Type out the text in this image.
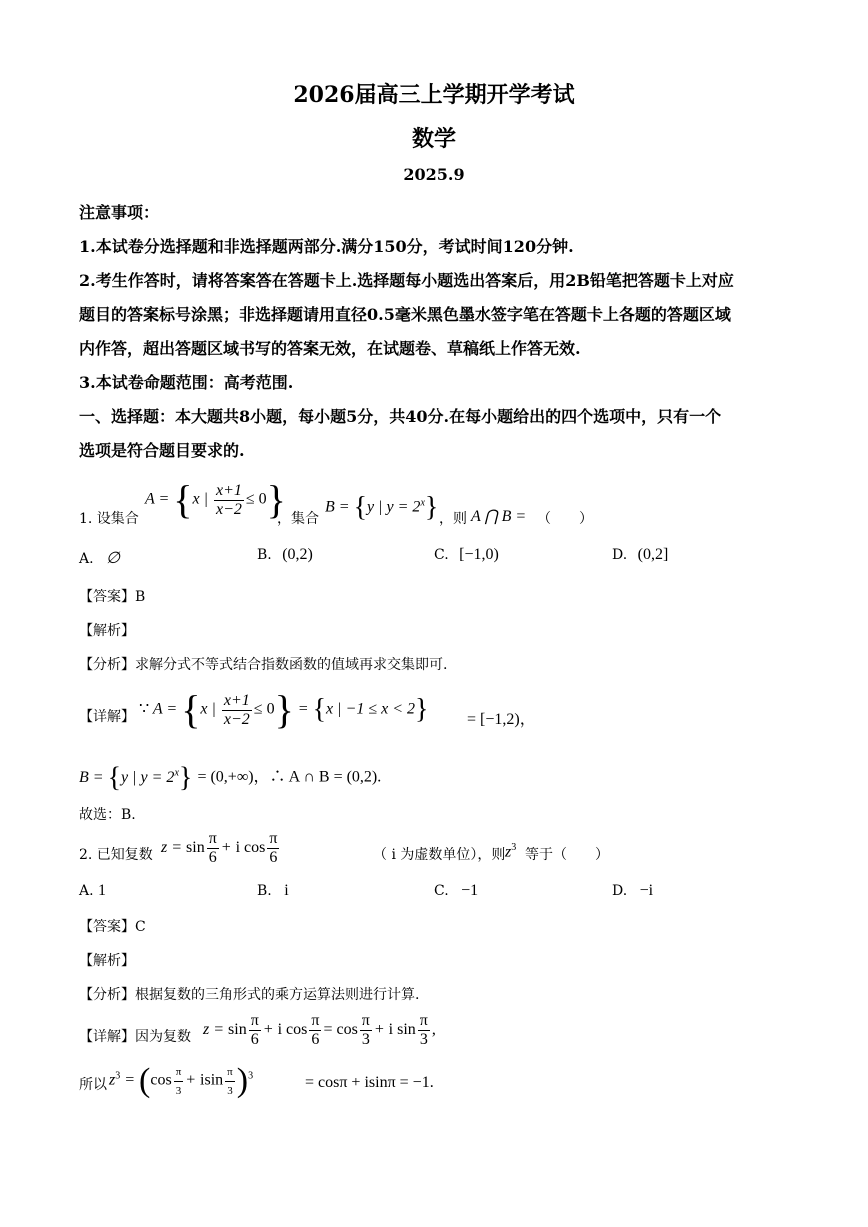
2026届高三上学期开学考试
数学
2025.9
注意事项：
1.本试卷分选择题和非选择题两部分.满分150分，考试时间120分钟.
2.考生作答时，请将答案答在答题卡上.选择题每小题选出答案后，用2B铅笔把答题卡上对应
题目的答案标号涂黑；非选择题请用直径0.5毫米黑色墨水签字笔在答题卡上各题的答题区域
内作答，超出答题区域书写的答案无效，在试题卷、草稿纸上作答无效.
3.本试卷命题范围：高考范围.
一、选择题：本大题共8小题，每小题5分，共40分.在每小题给出的四个选项中，只有一个
选项是符合题目要求的.
1. 设集合
A = {x | $\frac{x+1}{x-2} \le 0$}
，集合
B = {y | $y = 2^x$} ，则 A ⋂ B = （　　）
A. ∅	B. (0,2)	C. [−1,0)	D. (0,2]
【答案】B
【解析】
【分析】求解分式不等式结合指数函数的值域再求交集即可.
【详解】 ∵ A = {x | $\frac{x+1}{x-2} \le 0\} = \{x$ | −1 ≤ x < 2} = [−1,2)，
B = {y | $y = 2^x\} = (0,+\infty)$，∴ A ∩ B = (0,2).
故选：B.
2. 已知复数 $z = \sin \frac{\pi}{6} + i$ $\cos \frac{\pi}{6}$	（ i 为虚数单位），则 $z^3$ 等于（　　）
A. 1	B. i	C. −1	D. −i
【答案】C
【解析】
【分析】根据复数的三角形式的乘方运算法则进行计算.
【详解】因为复数 $z = \sin \frac{\pi}{6} + i$ $\cos \frac{\pi}{6} = \cos \frac{\pi}{3} + i$ $\sin \frac{\pi}{3}$ ,
所以 $z^3 = (\cos \frac{\pi}{3} + isin \frac{\pi}{3} )^3$	= cosπ + isinπ = −1.
